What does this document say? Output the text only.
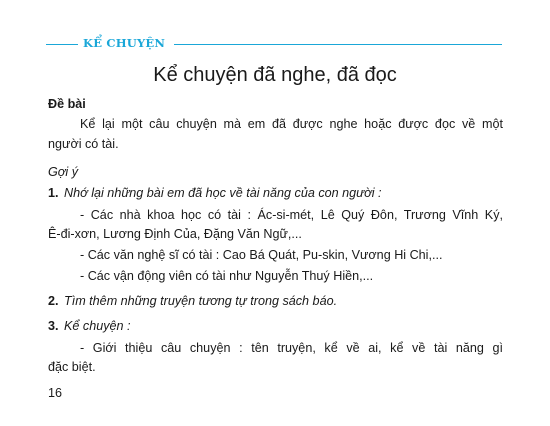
KỂ CHUYỆN
Kể chuyện đã nghe, đã đọc
Đề bài
Kể lại một câu chuyện mà em đã được nghe hoặc được đọc về một
người có tài.
Gợi ý
1. Nhớ lại những bài em đã học về tài năng của con người :
- Các nhà khoa học có tài : Ác-si-mét, Lê Quý Đôn, Trương Vĩnh Ký,
Ê-đi-xơn, Lương Định Của, Đặng Văn Ngữ,...
- Các văn nghệ sĩ có tài : Cao Bá Quát, Pu-skin, Vương Hi Chi,...
- Các vận động viên có tài như Nguyễn Thuý Hiền,...
2. Tìm thêm những truyện tương tự trong sách báo.
3. Kể chuyện :
- Giới thiệu câu chuyện : tên truyện, kể về ai, kể về tài năng gì
đặc biệt.
16
